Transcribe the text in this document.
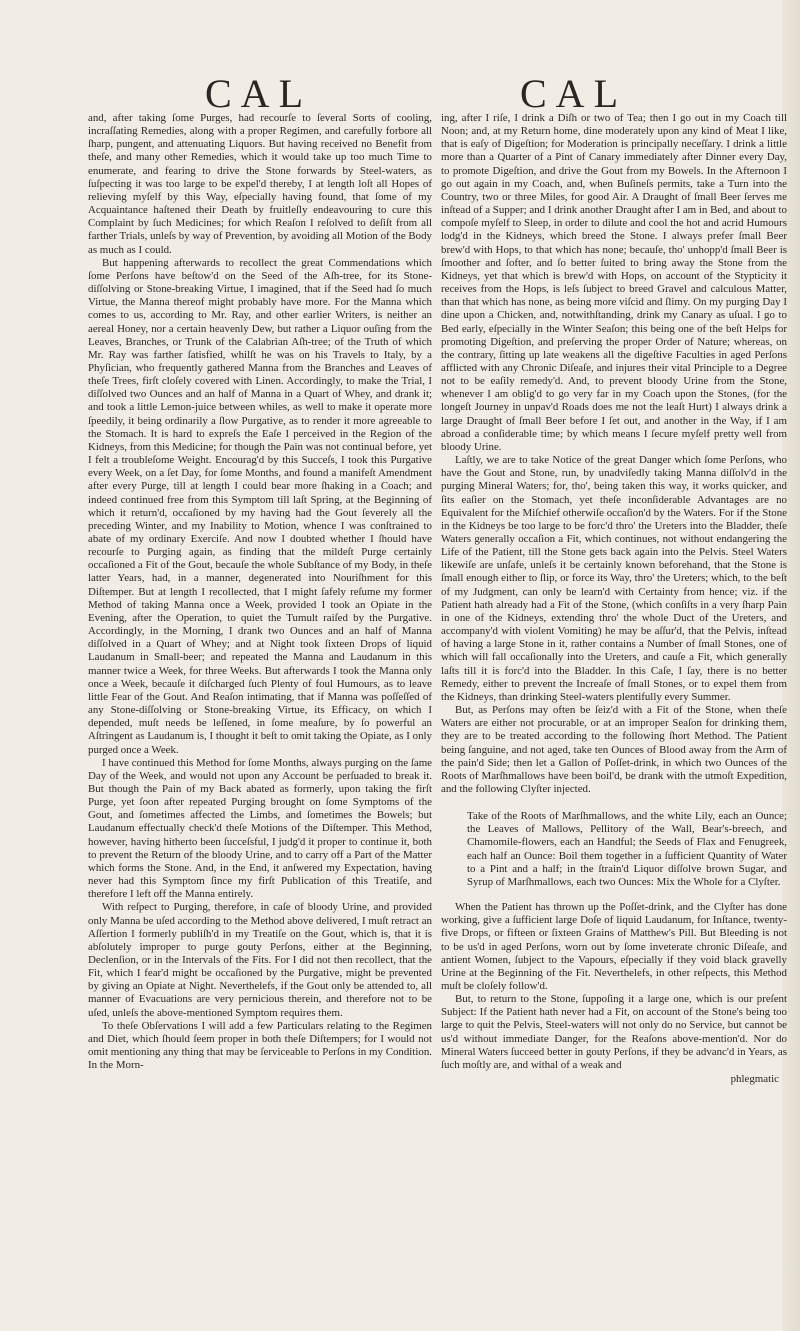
CAL	CAL

and, after taking ſome Purges, had recourſe to ſeveral Sorts of cooling, incraſſating Remedies, along with a proper Regimen, and carefully forbore all ſharp, pungent, and attenuating Liquors. But having received no Benefit from theſe, and many other Remedies, which it would take up too much Time to enumerate, and fearing to drive the Stone forwards by Steel-waters, as ſuſpecting it was too large to be expel'd thereby, I at length loſt all Hopes of relieving myſelf by this Way, eſpecially having found, that ſome of my Acquaintance haſtened their Death by fruitleſly endeavouring to cure this Complaint by ſuch Medicines; for which Reaſon I reſolved to deſiſt from all farther Trials, unleſs by way of Prevention, by avoiding all Motion of the Body as much as I could.

But happening afterwards to recollect the great Commendations which ſome Perſons have beſtow'd on the Seed of the Aſh-tree, for its Stone-diſſolving or Stone-breaking Virtue, I imagined, that if the Seed had ſo much Virtue, the Manna thereof might probably have more. For the Manna which comes to us, according to Mr. Ray, and other earlier Writers, is neither an aereal Honey, nor a certain heavenly Dew, but rather a Liquor ouſing from the Leaves, Branches, or Trunk of the Calabrian Aſh-tree; of the Truth of which Mr. Ray was farther ſatisfied, whilſt he was on his Travels to Italy, by a Phyſician, who frequently gathered Manna from the Branches and Leaves of theſe Trees, firſt cloſely covered with Linen. Accordingly, to make the Trial, I diſſolved two Ounces and an half of Manna in a Quart of Whey, and drank it; and took a little Lemon-juice between whiles, as well to make it operate more ſpeedily, it being ordinarily a ſlow Purgative, as to render it more agreeable to the Stomach. It is hard to expreſs the Eaſe I perceived in the Region of the Kidneys, from this Medicine; for though the Pain was not continual before, yet I felt a troubleſome Weight. Encourag'd by this Succeſs, I took this Purgative every Week, on a ſet Day, for ſome Months, and found a manifeſt Amendment after every Purge, till at length I could bear more ſhaking in a Coach; and indeed continued free from this Symptom till laſt Spring, at the Beginning of which it return'd, occaſioned by my having had the Gout ſeverely all the preceding Winter, and my Inability to Motion, whence I was conſtrained to abate of my ordinary Exerciſe. And now I doubted whether I ſhould have recourſe to Purging again, as finding that the mildeſt Purge certainly occaſioned a Fit of the Gout, becauſe the whole Subſtance of my Body, in theſe latter Years, had, in a manner, degenerated into Nouriſhment for this Diſtemper. But at length I recollected, that I might ſafely reſume my former Method of taking Manna once a Week, provided I took an Opiate in the Evening, after the Operation, to quiet the Tumult raiſed by the Purgative. Accordingly, in the Morning, I drank two Ounces and an half of Manna diſſolved in a Quart of Whey; and at Night took ſixteen Drops of liquid Laudanum in Small-beer; and repeated the Manna and Laudanum in this manner twice a Week, for three Weeks. But afterwards I took the Manna only once a Week, becauſe it diſcharged ſuch Plenty of foul Humours, as to leave little Fear of the Gout. And Reaſon intimating, that if Manna was poſſeſſed of any Stone-diſſolving or Stone-breaking Virtue, its Efficacy, on which I depended, muſt needs be leſſened, in ſome meaſure, by ſo powerful an Aſtringent as Laudanum is, I thought it beſt to omit taking the Opiate, as I only purged once a Week.

I have continued this Method for ſome Months, always purging on the ſame Day of the Week, and would not upon any Account be perſuaded to break it. But though the Pain of my Back abated as formerly, upon taking the firſt Purge, yet ſoon after repeated Purging brought on ſome Symptoms of the Gout, and ſometimes affected the Limbs, and ſometimes the Bowels; but Laudanum effectually check'd theſe Motions of the Diſtemper. This Method, however, having hitherto been ſucceſsful, I judg'd it proper to continue it, both to prevent the Return of the bloody Urine, and to carry off a Part of the Matter which forms the Stone. And, in the End, it anſwered my Expectation, having never had this Symptom ſince my firſt Publication of this Treatiſe, and therefore I left off the Manna entirely.

With reſpect to Purging, therefore, in caſe of bloody Urine, and provided only Manna be uſed according to the Method above delivered, I muſt retract an Aſſertion I formerly publiſh'd in my Treatiſe on the Gout, which is, that it is abſolutely improper to purge gouty Perſons, either at the Beginning, Declenſion, or in the Intervals of the Fits. For I did not then recollect, that the Fit, which I fear'd might be occaſioned by the Purgative, might be prevented by giving an Opiate at Night. Neverthelefs, if the Gout only be attended to, all manner of Evacuations are very pernicious therein, and therefore not to be uſed, unleſs the above-mentioned Symptom requires them.

To theſe Obſervations I will add a few Particulars relating to the Regimen and Diet, which ſhould ſeem proper in both theſe Diſtempers; for I would not omit mentioning any thing that may be ſerviceable to Perſons in my Condition. In the Morn-

ing, after I riſe, I drink a Diſh or two of Tea; then I go out in my Coach till Noon; and, at my Return home, dine moderately upon any kind of Meat I like, that is eaſy of Digeſtion; for Moderation is principally neceſſary. I drink a little more than a Quarter of a Pint of Canary immediately after Dinner every Day, to promote Digeſtion, and drive the Gout from my Bowels. In the Afternoon I go out again in my Coach, and, when Buſineſs permits, take a Turn into the Country, two or three Miles, for good Air. A Draught of ſmall Beer ſerves me inſtead of a Supper; and I drink another Draught after I am in Bed, and about to compoſe myſelf to Sleep, in order to dilute and cool the hot and acrid Humours lodg'd in the Kidneys, which breed the Stone. I always prefer ſmall Beer brew'd with Hops, to that which has none; becauſe, tho' unhopp'd ſmall Beer is ſmoother and ſofter, and ſo better ſuited to bring away the Stone from the Kidneys, yet that which is brew'd with Hops, on account of the Stypticity it receives from the Hops, is leſs ſubject to breed Gravel and calculous Matter, than that which has none, as being more viſcid and ſlimy. On my purging Day I dine upon a Chicken, and, notwithſtanding, drink my Canary as uſual. I go to Bed early, eſpecially in the Winter Seaſon; this being one of the beſt Helps for promoting Digeſtion, and preſerving the proper Order of Nature; whereas, on the contrary, ſitting up late weakens all the digeſtive Faculties in aged Perſons afflicted with any Chronic Diſeaſe, and injures their vital Principle to a Degree not to be eaſily remedy'd. And, to prevent bloody Urine from the Stone, whenever I am oblig'd to go very far in my Coach upon the Stones, (for the longeſt Journey in unpav'd Roads does me not the leaſt Hurt) I always drink a large Draught of ſmall Beer before I ſet out, and another in the Way, if I am abroad a conſiderable time; by which means I ſecure myſelf pretty well from bloody Urine.

Laſtly, we are to take Notice of the great Danger which ſome Perſons, who have the Gout and Stone, run, by unadviſedly taking Manna diſſolv'd in the purging Mineral Waters; for, tho', being taken this way, it works quicker, and ſits eaſier on the Stomach, yet theſe inconſiderable Advantages are no Equivalent for the Miſchief otherwiſe occaſion'd by the Waters. For if the Stone in the Kidneys be too large to be forc'd thro' the Ureters into the Bladder, theſe Waters generally occaſion a Fit, which continues, not without endangering the Life of the Patient, till the Stone gets back again into the Pelvis. Steel Waters likewiſe are unſafe, unleſs it be certainly known beforehand, that the Stone is ſmall enough either to ſlip, or force its Way, thro' the Ureters; which, to the beſt of my Judgment, can only be learn'd with Certainty from hence; viz. if the Patient hath already had a Fit of the Stone, (which conſiſts in a very ſharp Pain in one of the Kidneys, extending thro' the whole Duct of the Ureters, and accompany'd with violent Vomiting) he may be aſſur'd, that the Pelvis, inſtead of having a large Stone in it, rather contains a Number of ſmall Stones, one of which will fall occaſionally into the Ureters, and cauſe a Fit, which generally laſts till it is forc'd into the Bladder. In this Caſe, I ſay, there is no better Remedy, either to prevent the Increaſe of ſmall Stones, or to expel them from the Kidneys, than drinking Steel-waters plentifully every Summer.

But, as Perſons may often be ſeiz'd with a Fit of the Stone, when theſe Waters are either not procurable, or at an improper Seaſon for drinking them, they are to be treated according to the following ſhort Method. The Patient being ſanguine, and not aged, take ten Ounces of Blood away from the Arm of the pain'd Side; then let a Gallon of Poſſet-drink, in which two Ounces of the Roots of Marſhmallows have been boil'd, be drank with the utmoſt Expedition, and the following Clyſter injected.

Take of the Roots of Marſhmallows, and the white Lily, each an Ounce; the Leaves of Mallows, Pellitory of the Wall, Bear's-breech, and Chamomile-flowers, each an Handful; the Seeds of Flax and Fenugreek, each half an Ounce: Boil them together in a ſufficient Quantity of Water to a Pint and a half; in the ſtrain'd Liquor diſſolve brown Sugar, and Syrup of Marſhmallows, each two Ounces: Mix the Whole for a Clyſter.

When the Patient has thrown up the Poſſet-drink, and the Clyſter has done working, give a ſufficient large Doſe of liquid Laudanum, for Inſtance, twenty-five Drops, or fifteen or ſixteen Grains of Matthew's Pill. But Bleeding is not to be us'd in aged Perſons, worn out by ſome inveterate chronic Diſeaſe, and antient Women, ſubject to the Vapours, eſpecially if they void black gravelly Urine at the Beginning of the Fit. Neverthelefs, in other reſpects, this Method muſt be cloſely follow'd.

But, to return to the Stone, ſuppoſing it a large one, which is our preſent Subject: If the Patient hath never had a Fit, on account of the Stone's being too large to quit the Pelvis, Steel-waters will not only do no Service, but cannot be us'd without immediate Danger, for the Reaſons above-mention'd. Nor do Mineral Waters ſucceed better in gouty Perſons, if they be advanc'd in Years, as ſuch moſtly are, and withal of a weak and

phlegmatic
